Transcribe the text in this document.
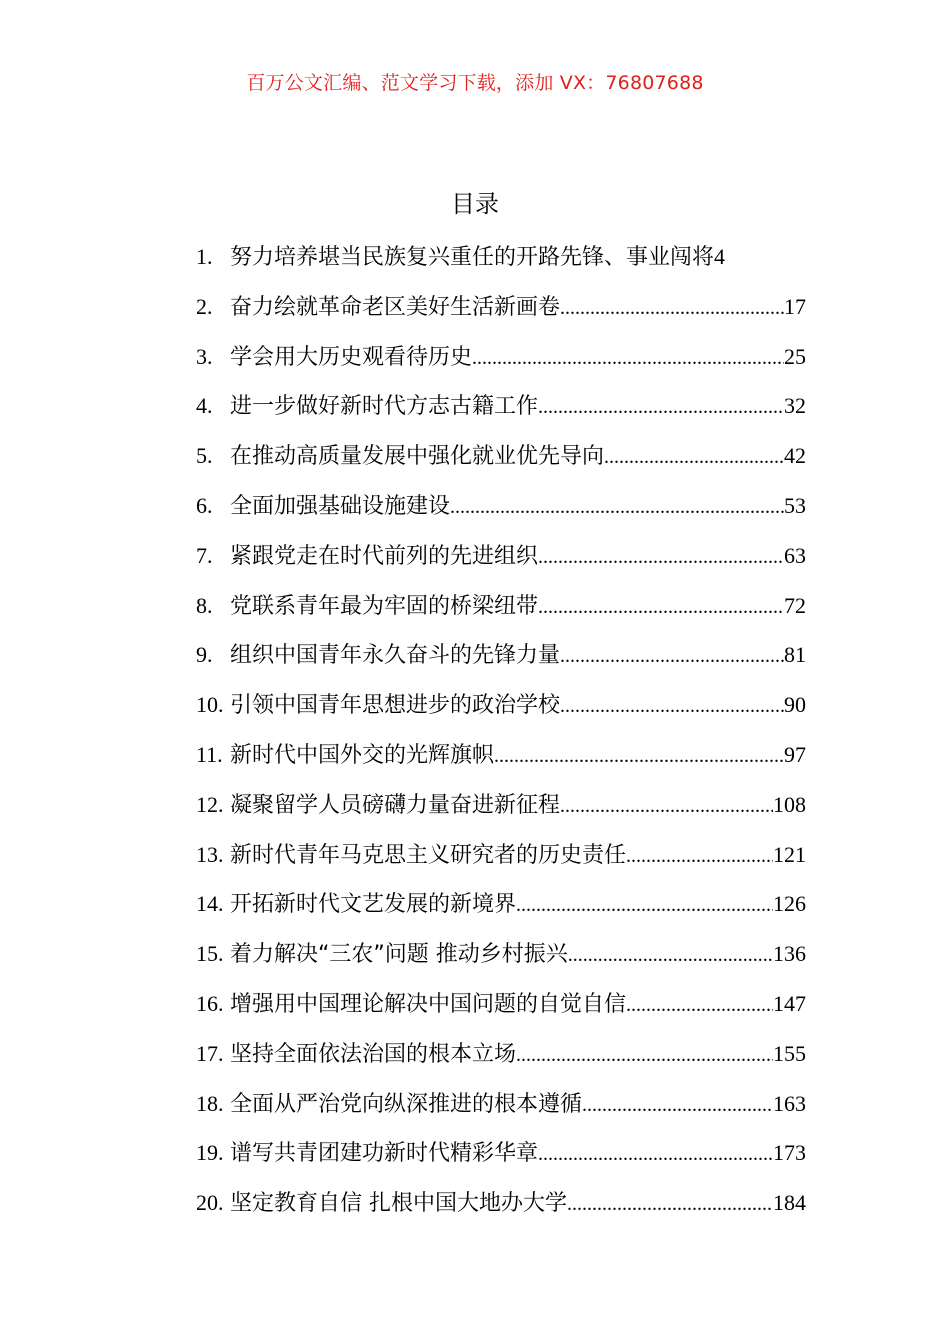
百万公文汇编、范文学习下载，添加 VX：76807688
目录
1. 努力培养堪当民族复兴重任的开路先锋、事业闯将 4
2. 奋力绘就革命老区美好生活新画卷 .....	17
3. 学会用大历史观看待历史 .....	25
4. 进一步做好新时代方志古籍工作 .....	32
5. 在推动高质量发展中强化就业优先导向 .....	42
6. 全面加强基础设施建设 .....	53
7. 紧跟党走在时代前列的先进组织 .....	63
8. 党联系青年最为牢固的桥梁纽带 .....	72
9. 组织中国青年永久奋斗的先锋力量 .....	81
10. 引领中国青年思想进步的政治学校 .....	90
11. 新时代中国外交的光辉旗帜 .....	97
12. 凝聚留学人员磅礴力量奋进新征程 .....	108
13. 新时代青年马克思主义研究者的历史责任 .....	121
14. 开拓新时代文艺发展的新境界 .....	126
15. 着力解决“三农”问题 推动乡村振兴 .....	136
16. 增强用中国理论解决中国问题的自觉自信 .....	147
17. 坚持全面依法治国的根本立场 .....	155
18. 全面从严治党向纵深推进的根本遵循 .....	163
19. 谱写共青团建功新时代精彩华章 .....	173
20. 坚定教育自信 扎根中国大地办大学 .....	184
